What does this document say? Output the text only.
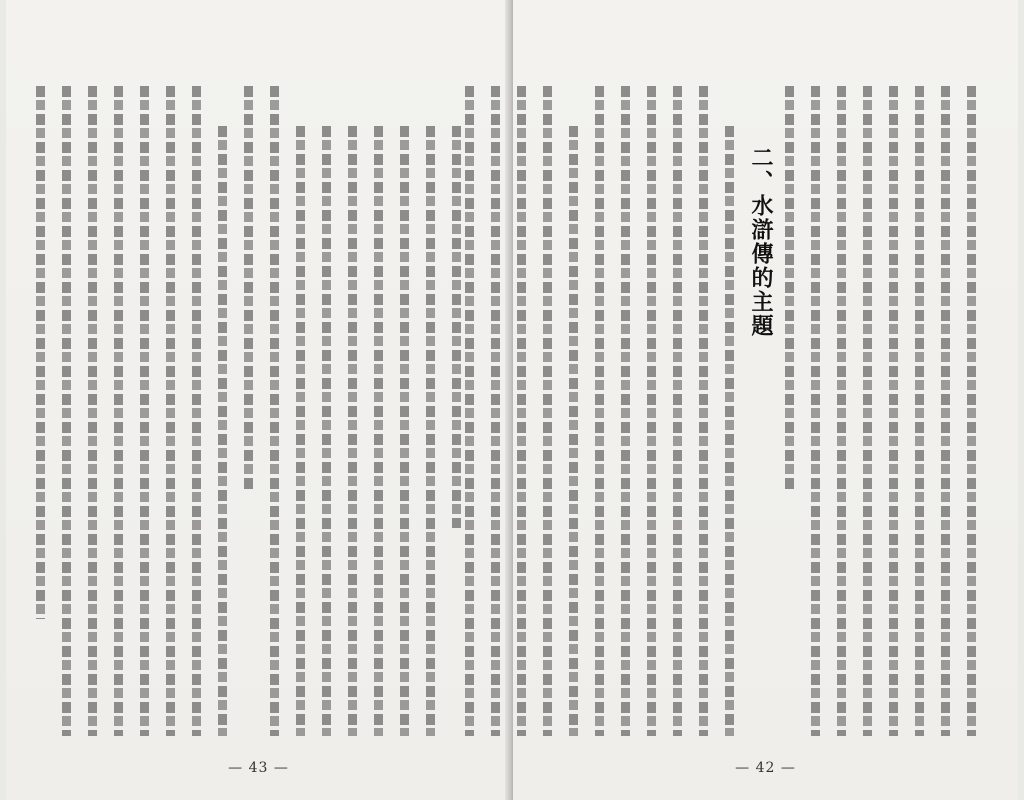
— 43 —
二、水滸傳的主題
— 42 —
